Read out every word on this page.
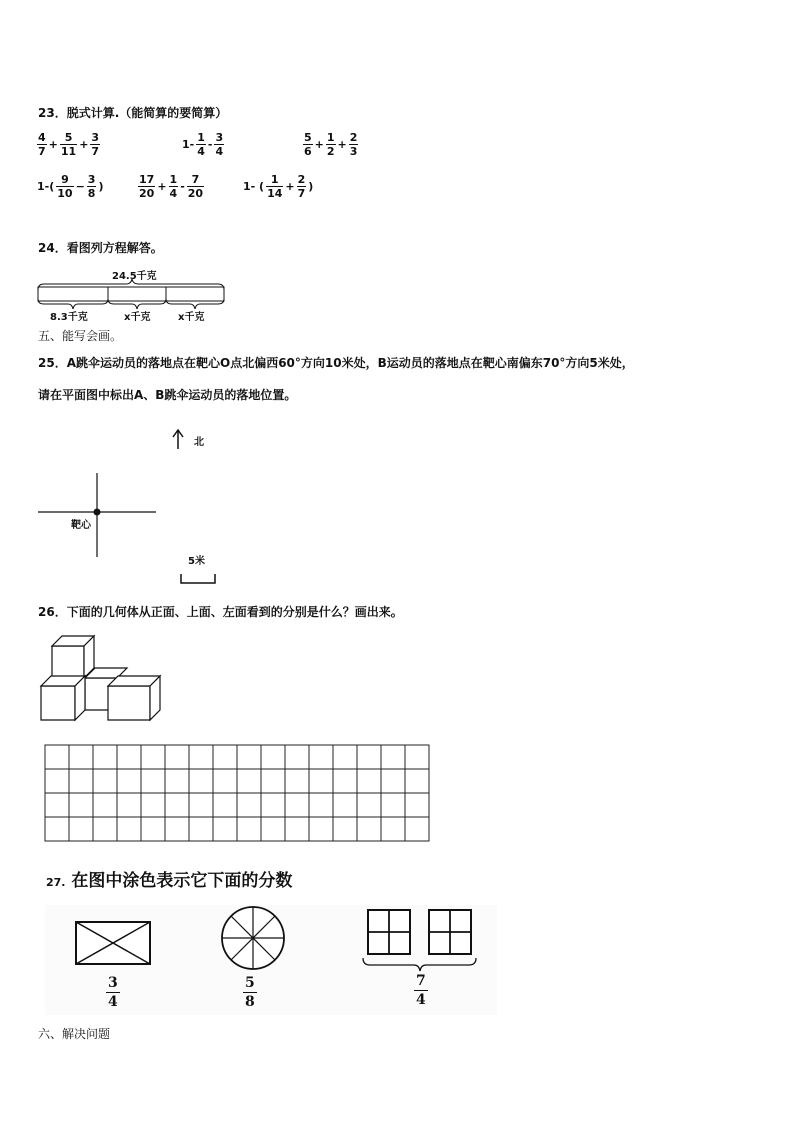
23．脱式计算.（能简算的要简算）
$\frac{4}{7} + \frac{5}{11} + \frac{3}{7}$	$1- \frac{1}{4} - \frac{3}{4}$	$\frac{5}{6} + \frac{1}{2} + \frac{2}{3}$
$1-( \frac{9}{10} - \frac{3}{8}$ )	$\frac{17}{20} + \frac{1}{4} - \frac{7}{20}$	1- ( $\frac{1}{14} + \frac{2}{7}$ )
24．看图列方程解答。
24.5千克
8.3千克	x千克	x千克
五、能写会画。
25．A跳伞运动员的落地点在靶心O点北偏西60°方向10米处，B运动员的落地点在靶心南偏东70°方向5米处，
请在平面图中标出A、B跳伞运动员的落地位置。
北
靶心
5米
26．下面的几何体从正面、上面、左面看到的分别是什么？画出来。
27. 在图中涂色表示它下面的分数
3
4
5
8
7
4
六、解决问题
